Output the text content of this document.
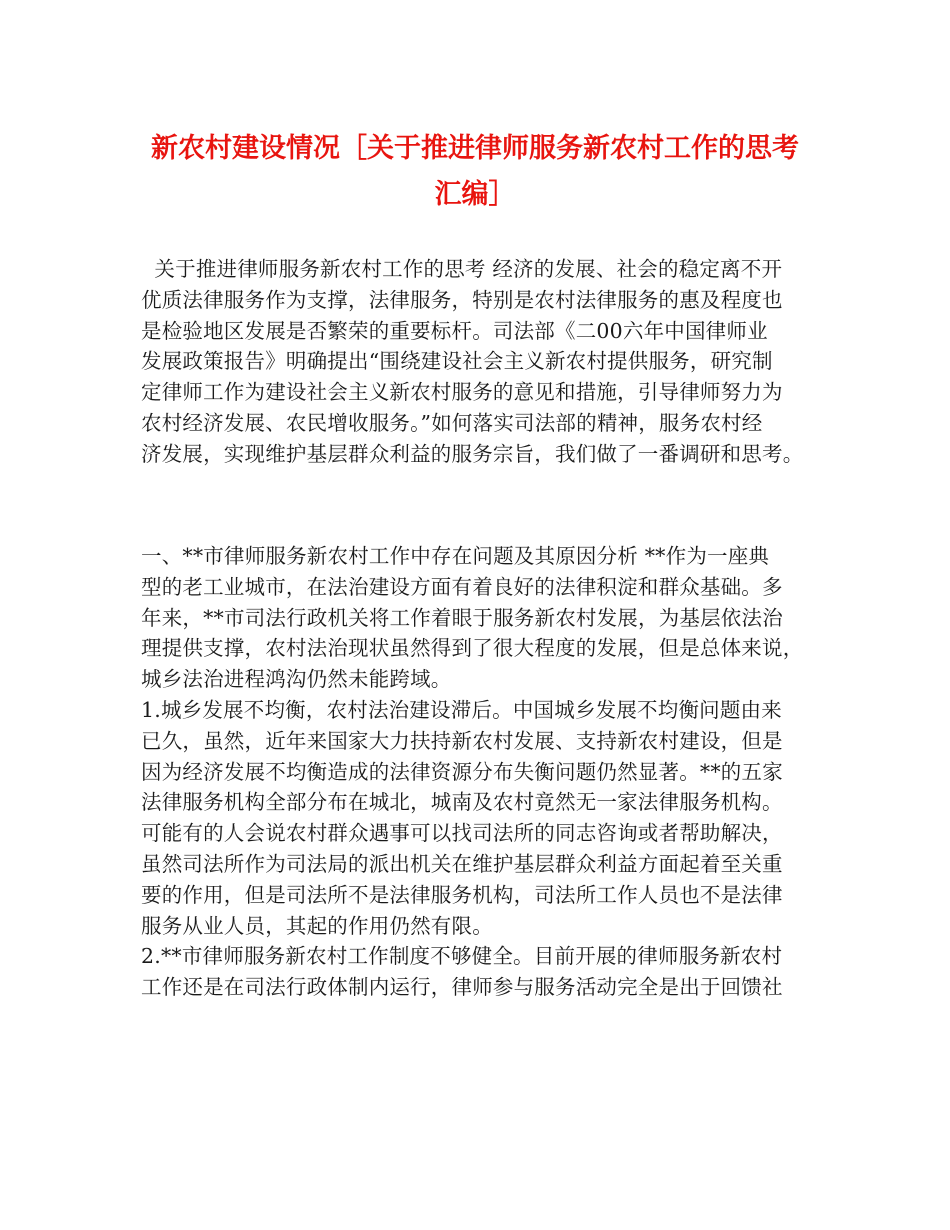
新农村建设情况［关于推进律师服务新农村工作的思考
汇编］
关于推进律师服务新农村工作的思考 经济的发展、社会的稳定离不开
优质法律服务作为支撑，法律服务，特别是农村法律服务的惠及程度也
是检验地区发展是否繁荣的重要标杆。司法部《二00六年中国律师业
发展政策报告》明确提出“围绕建设社会主义新农村提供服务，研究制
定律师工作为建设社会主义新农村服务的意见和措施，引导律师努力为
农村经济发展、农民增收服务。”如何落实司法部的精神，服务农村经
济发展，实现维护基层群众利益的服务宗旨，我们做了一番调研和思考。
一、**市律师服务新农村工作中存在问题及其原因分析 **作为一座典
型的老工业城市，在法治建设方面有着良好的法律积淀和群众基础。多
年来，**市司法行政机关将工作着眼于服务新农村发展，为基层依法治
理提供支撑，农村法治现状虽然得到了很大程度的发展，但是总体来说，
城乡法治进程鸿沟仍然未能跨域。
1.城乡发展不均衡，农村法治建设滞后。中国城乡发展不均衡问题由来
已久，虽然，近年来国家大力扶持新农村发展、支持新农村建设，但是
因为经济发展不均衡造成的法律资源分布失衡问题仍然显著。**的五家
法律服务机构全部分布在城北，城南及农村竟然无一家法律服务机构。
可能有的人会说农村群众遇事可以找司法所的同志咨询或者帮助解决，
虽然司法所作为司法局的派出机关在维护基层群众利益方面起着至关重
要的作用，但是司法所不是法律服务机构，司法所工作人员也不是法律
服务从业人员，其起的作用仍然有限。
2.**市律师服务新农村工作制度不够健全。目前开展的律师服务新农村
工作还是在司法行政体制内运行，律师参与服务活动完全是出于回馈社
